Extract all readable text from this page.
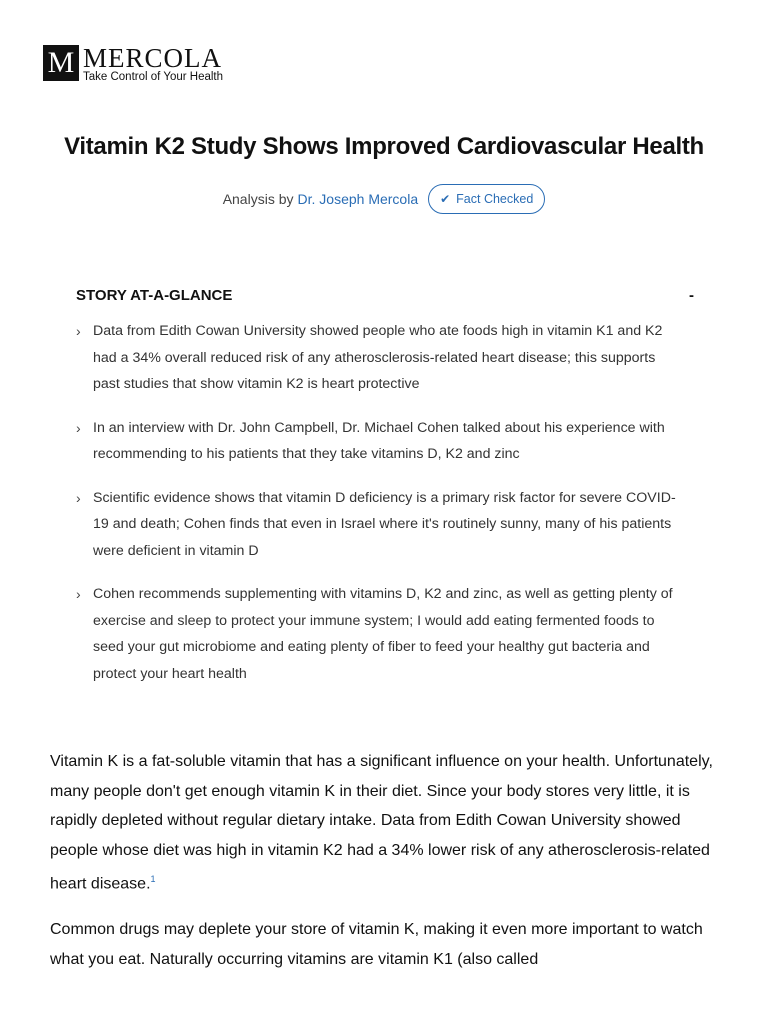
M MERCOLA
Take Control of Your Health
Vitamin K2 Study Shows Improved Cardiovascular Health
Analysis by Dr. Joseph Mercola ✔ Fact Checked
STORY AT-A-GLANCE	-
› Data from Edith Cowan University showed people who ate foods high in vitamin K1 and K2 had a 34% overall reduced risk of any atherosclerosis-related heart disease; this supports past studies that show vitamin K2 is heart protective
› In an interview with Dr. John Campbell, Dr. Michael Cohen talked about his experience with recommending to his patients that they take vitamins D, K2 and zinc
› Scientific evidence shows that vitamin D deficiency is a primary risk factor for severe COVID-19 and death; Cohen finds that even in Israel where it's routinely sunny, many of his patients were deficient in vitamin D
› Cohen recommends supplementing with vitamins D, K2 and zinc, as well as getting plenty of exercise and sleep to protect your immune system; I would add eating fermented foods to seed your gut microbiome and eating plenty of fiber to feed your healthy gut bacteria and protect your heart health

Vitamin K is a fat-soluble vitamin that has a significant influence on your health. Unfortunately, many people don't get enough vitamin K in their diet. Since your body stores very little, it is rapidly depleted without regular dietary intake. Data from Edith Cowan University showed people whose diet was high in vitamin K2 had a 34% lower risk of any atherosclerosis-related heart disease.$^1$

Common drugs may deplete your store of vitamin K, making it even more important to watch what you eat. Naturally occurring vitamins are vitamin K1 (also called
